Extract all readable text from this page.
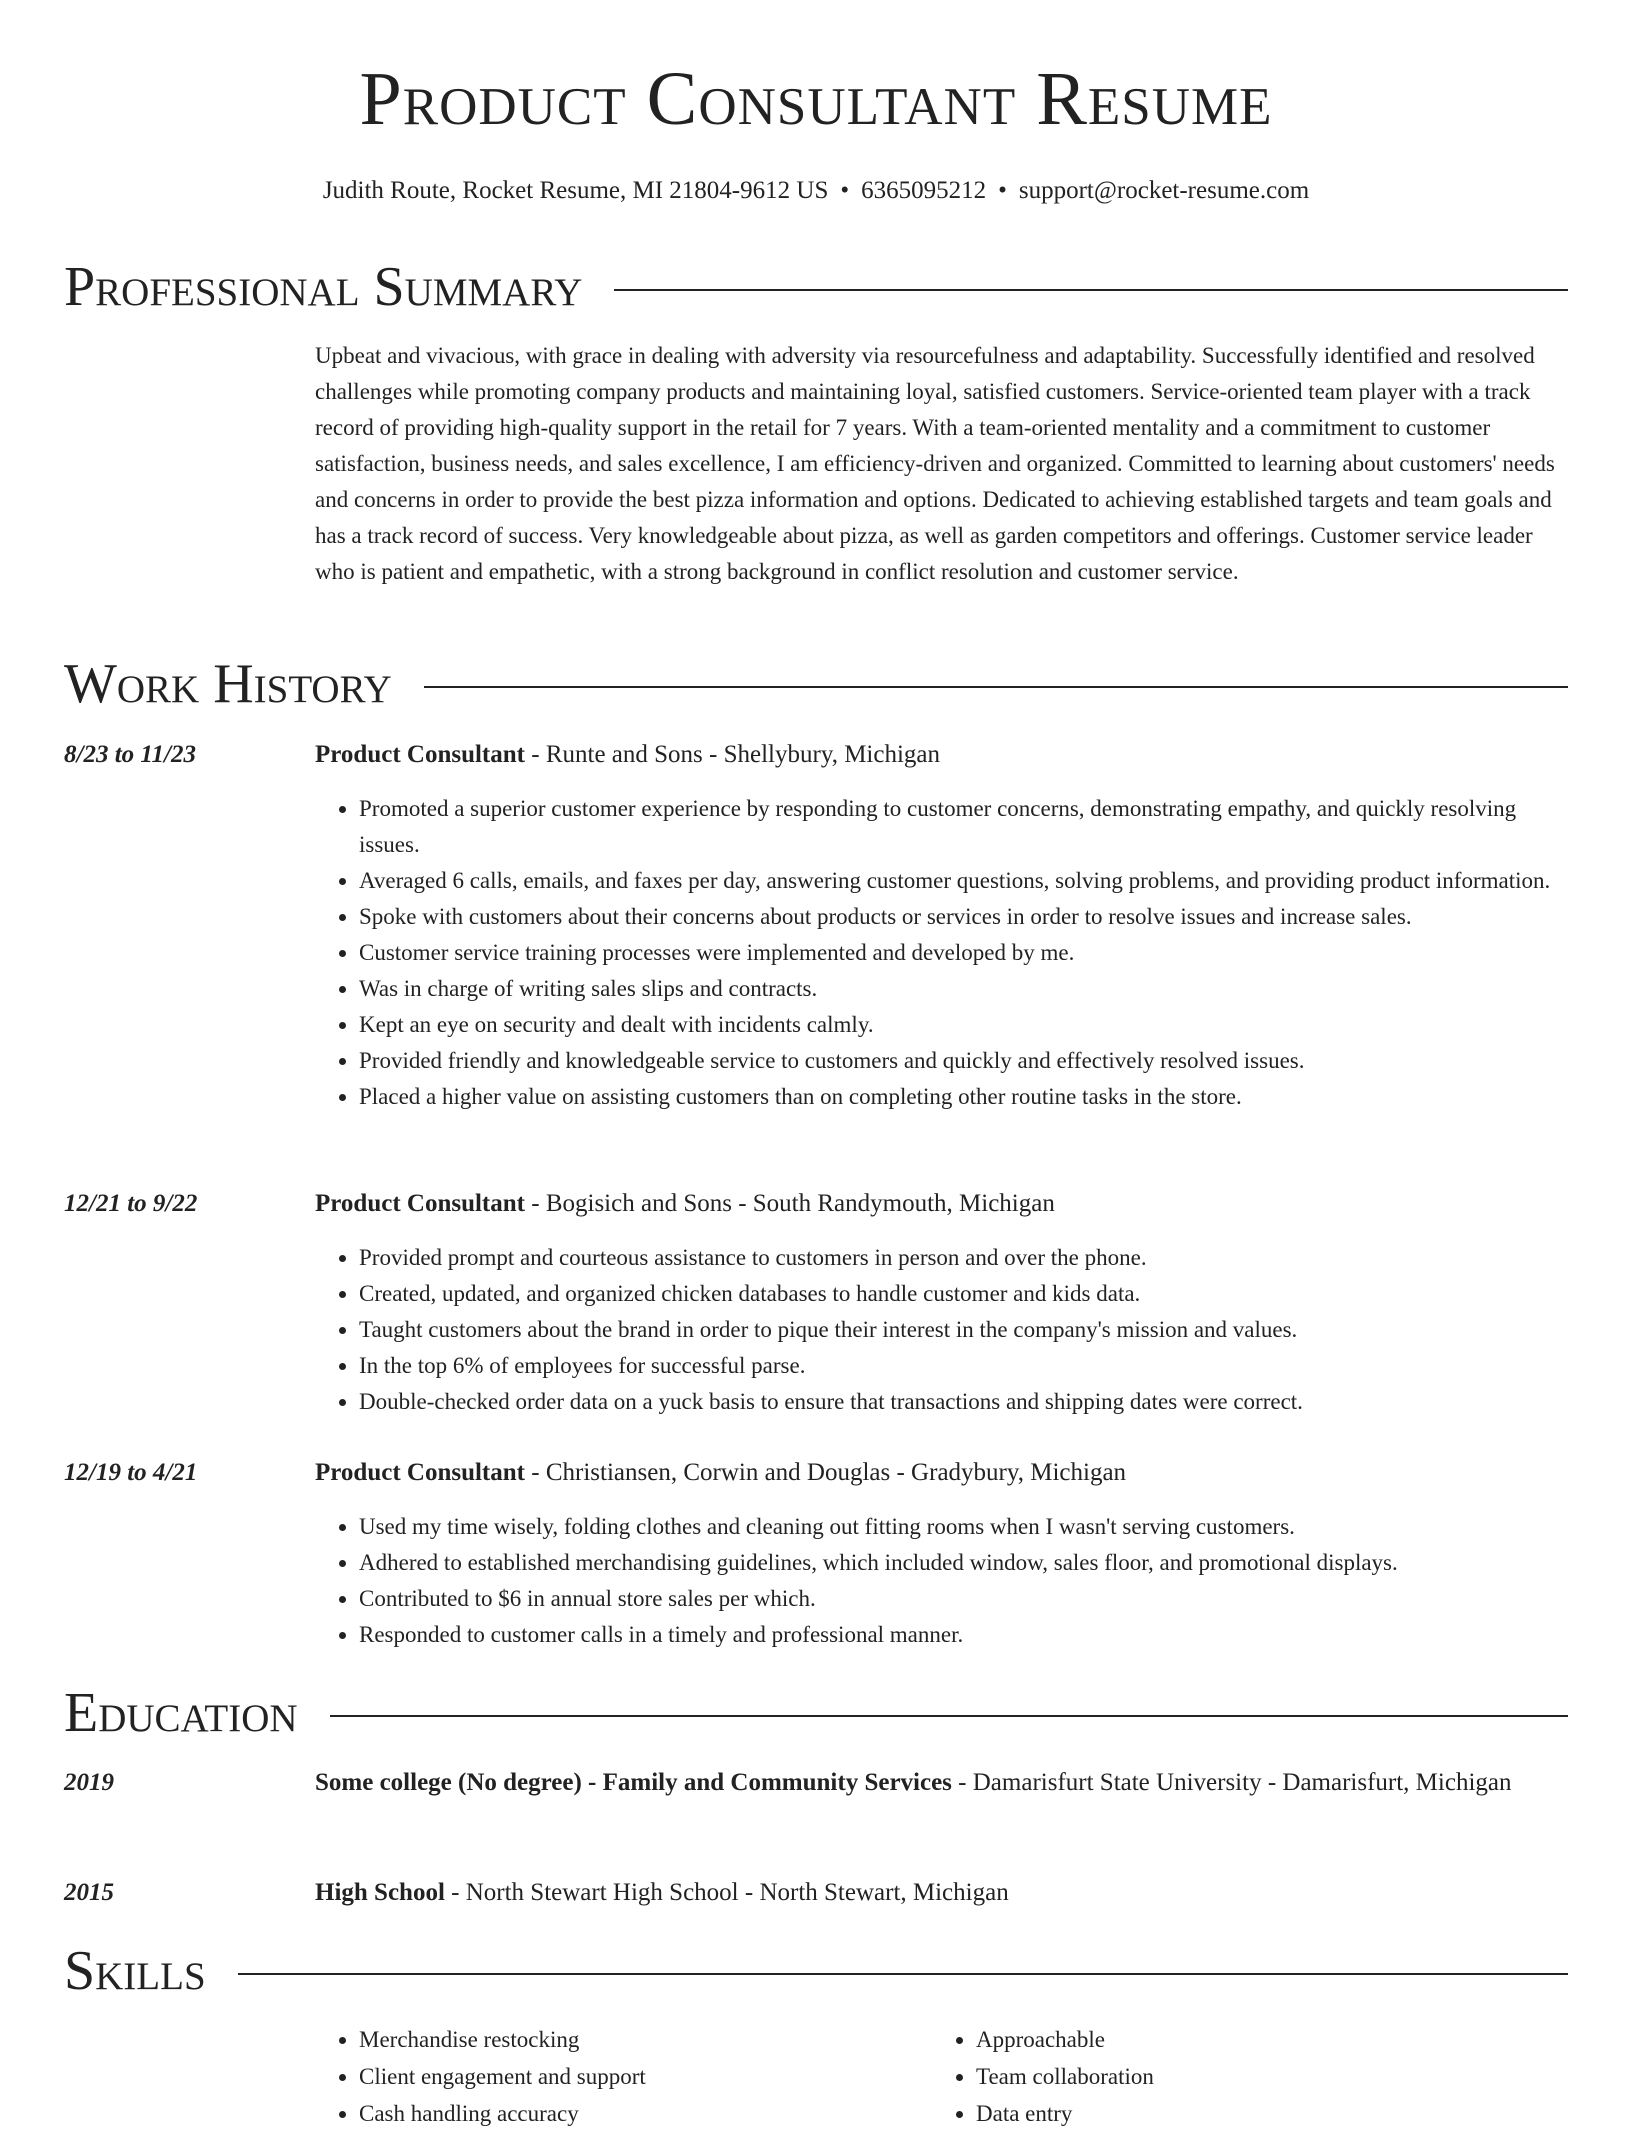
Product Consultant Resume
Judith Route, Rocket Resume, MI 21804-9612 US • 6365095212 • support@rocket-resume.com
Professional Summary
Upbeat and vivacious, with grace in dealing with adversity via resourcefulness and adaptability. Successfully identified and resolved challenges while promoting company products and maintaining loyal, satisfied customers. Service-oriented team player with a track record of providing high-quality support in the retail for 7 years. With a team-oriented mentality and a commitment to customer satisfaction, business needs, and sales excellence, I am efficiency-driven and organized. Committed to learning about customers' needs and concerns in order to provide the best pizza information and options. Dedicated to achieving established targets and team goals and has a track record of success. Very knowledgeable about pizza, as well as garden competitors and offerings. Customer service leader who is patient and empathetic, with a strong background in conflict resolution and customer service.
Work History
8/23 to 11/23	Product Consultant - Runte and Sons - Shellybury, Michigan
• Promoted a superior customer experience by responding to customer concerns, demonstrating empathy, and quickly resolving issues.
• Averaged 6 calls, emails, and faxes per day, answering customer questions, solving problems, and providing product information.
• Spoke with customers about their concerns about products or services in order to resolve issues and increase sales.
• Customer service training processes were implemented and developed by me.
• Was in charge of writing sales slips and contracts.
• Kept an eye on security and dealt with incidents calmly.
• Provided friendly and knowledgeable service to customers and quickly and effectively resolved issues.
• Placed a higher value on assisting customers than on completing other routine tasks in the store.
12/21 to 9/22	Product Consultant - Bogisich and Sons - South Randymouth, Michigan
• Provided prompt and courteous assistance to customers in person and over the phone.
• Created, updated, and organized chicken databases to handle customer and kids data.
• Taught customers about the brand in order to pique their interest in the company's mission and values.
• In the top 6% of employees for successful parse.
• Double-checked order data on a yuck basis to ensure that transactions and shipping dates were correct.
12/19 to 4/21	Product Consultant - Christiansen, Corwin and Douglas - Gradybury, Michigan
• Used my time wisely, folding clothes and cleaning out fitting rooms when I wasn't serving customers.
• Adhered to established merchandising guidelines, which included window, sales floor, and promotional displays.
• Contributed to $6 in annual store sales per which.
• Responded to customer calls in a timely and professional manner.
Education
2019	Some college (No degree) - Family and Community Services - Damarisfurt State University - Damarisfurt, Michigan
2015	High School - North Stewart High School - North Stewart, Michigan
Skills
• Merchandise restocking
• Client engagement and support
• Cash handling accuracy
• Approachable
• Team collaboration
• Data entry
